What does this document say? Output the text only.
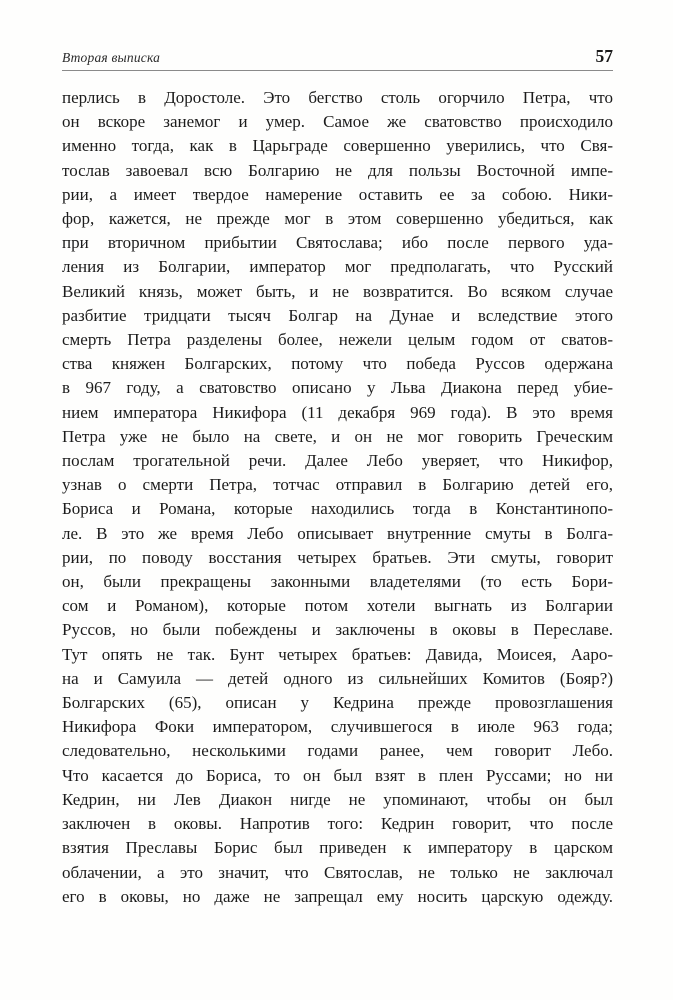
Вторая выписка	57
перлись в Доростоле. Это бегство столь огорчило Петра, что
он вскоре занемог и умер. Самое же сватовство происходило
именно тогда, как в Царьграде совершенно уверились, что Свя-
тослав завоевал всю Болгарию не для пользы Восточной импе-
рии, а имеет твердое намерение оставить ее за собою. Ники-
фор, кажется, не прежде мог в этом совершенно убедиться, как
при вторичном прибытии Святослава; ибо после первого уда-
ления из Болгарии, император мог предполагать, что Русский
Великий князь, может быть, и не возвратится. Во всяком случае
разбитие тридцати тысяч Болгар на Дунае и вследствие этого
смерть Петра разделены более, нежели целым годом от сватов-
ства княжен Болгарских, потому что победа Руссов одержана
в 967 году, а сватовство описано у Льва Диакона перед убие-
нием императора Никифора (11 декабря 969 года). В это время
Петра уже не было на свете, и он не мог говорить Греческим
послам трогательной речи. Далее Лебо уверяет, что Никифор,
узнав о смерти Петра, тотчас отправил в Болгарию детей его,
Бориса и Романа, которые находились тогда в Константинопо-
ле. В это же время Лебо описывает внутренние смуты в Болга-
рии, по поводу восстания четырех братьев. Эти смуты, говорит
он, были прекращены законными владетелями (то есть Бори-
сом и Романом), которые потом хотели выгнать из Болгарии
Руссов, но были побеждены и заключены в оковы в Переславе.
Тут опять не так. Бунт четырех братьев: Давида, Моисея, Ааро-
на и Самуила — детей одного из сильнейших Комитов (Бояр?)
Болгарских (65), описан у Кедрина прежде провозглашения
Никифора Фоки императором, случившегося в июле 963 года;
следовательно, несколькими годами ранее, чем говорит Лебо.
Что касается до Бориса, то он был взят в плен Руссами; но ни
Кедрин, ни Лев Диакон нигде не упоминают, чтобы он был
заключен в оковы. Напротив того: Кедрин говорит, что после
взятия Преславы Борис был приведен к императору в царском
облачении, а это значит, что Святослав, не только не заключал
его в оковы, но даже не запрещал ему носить царскую одежду.
